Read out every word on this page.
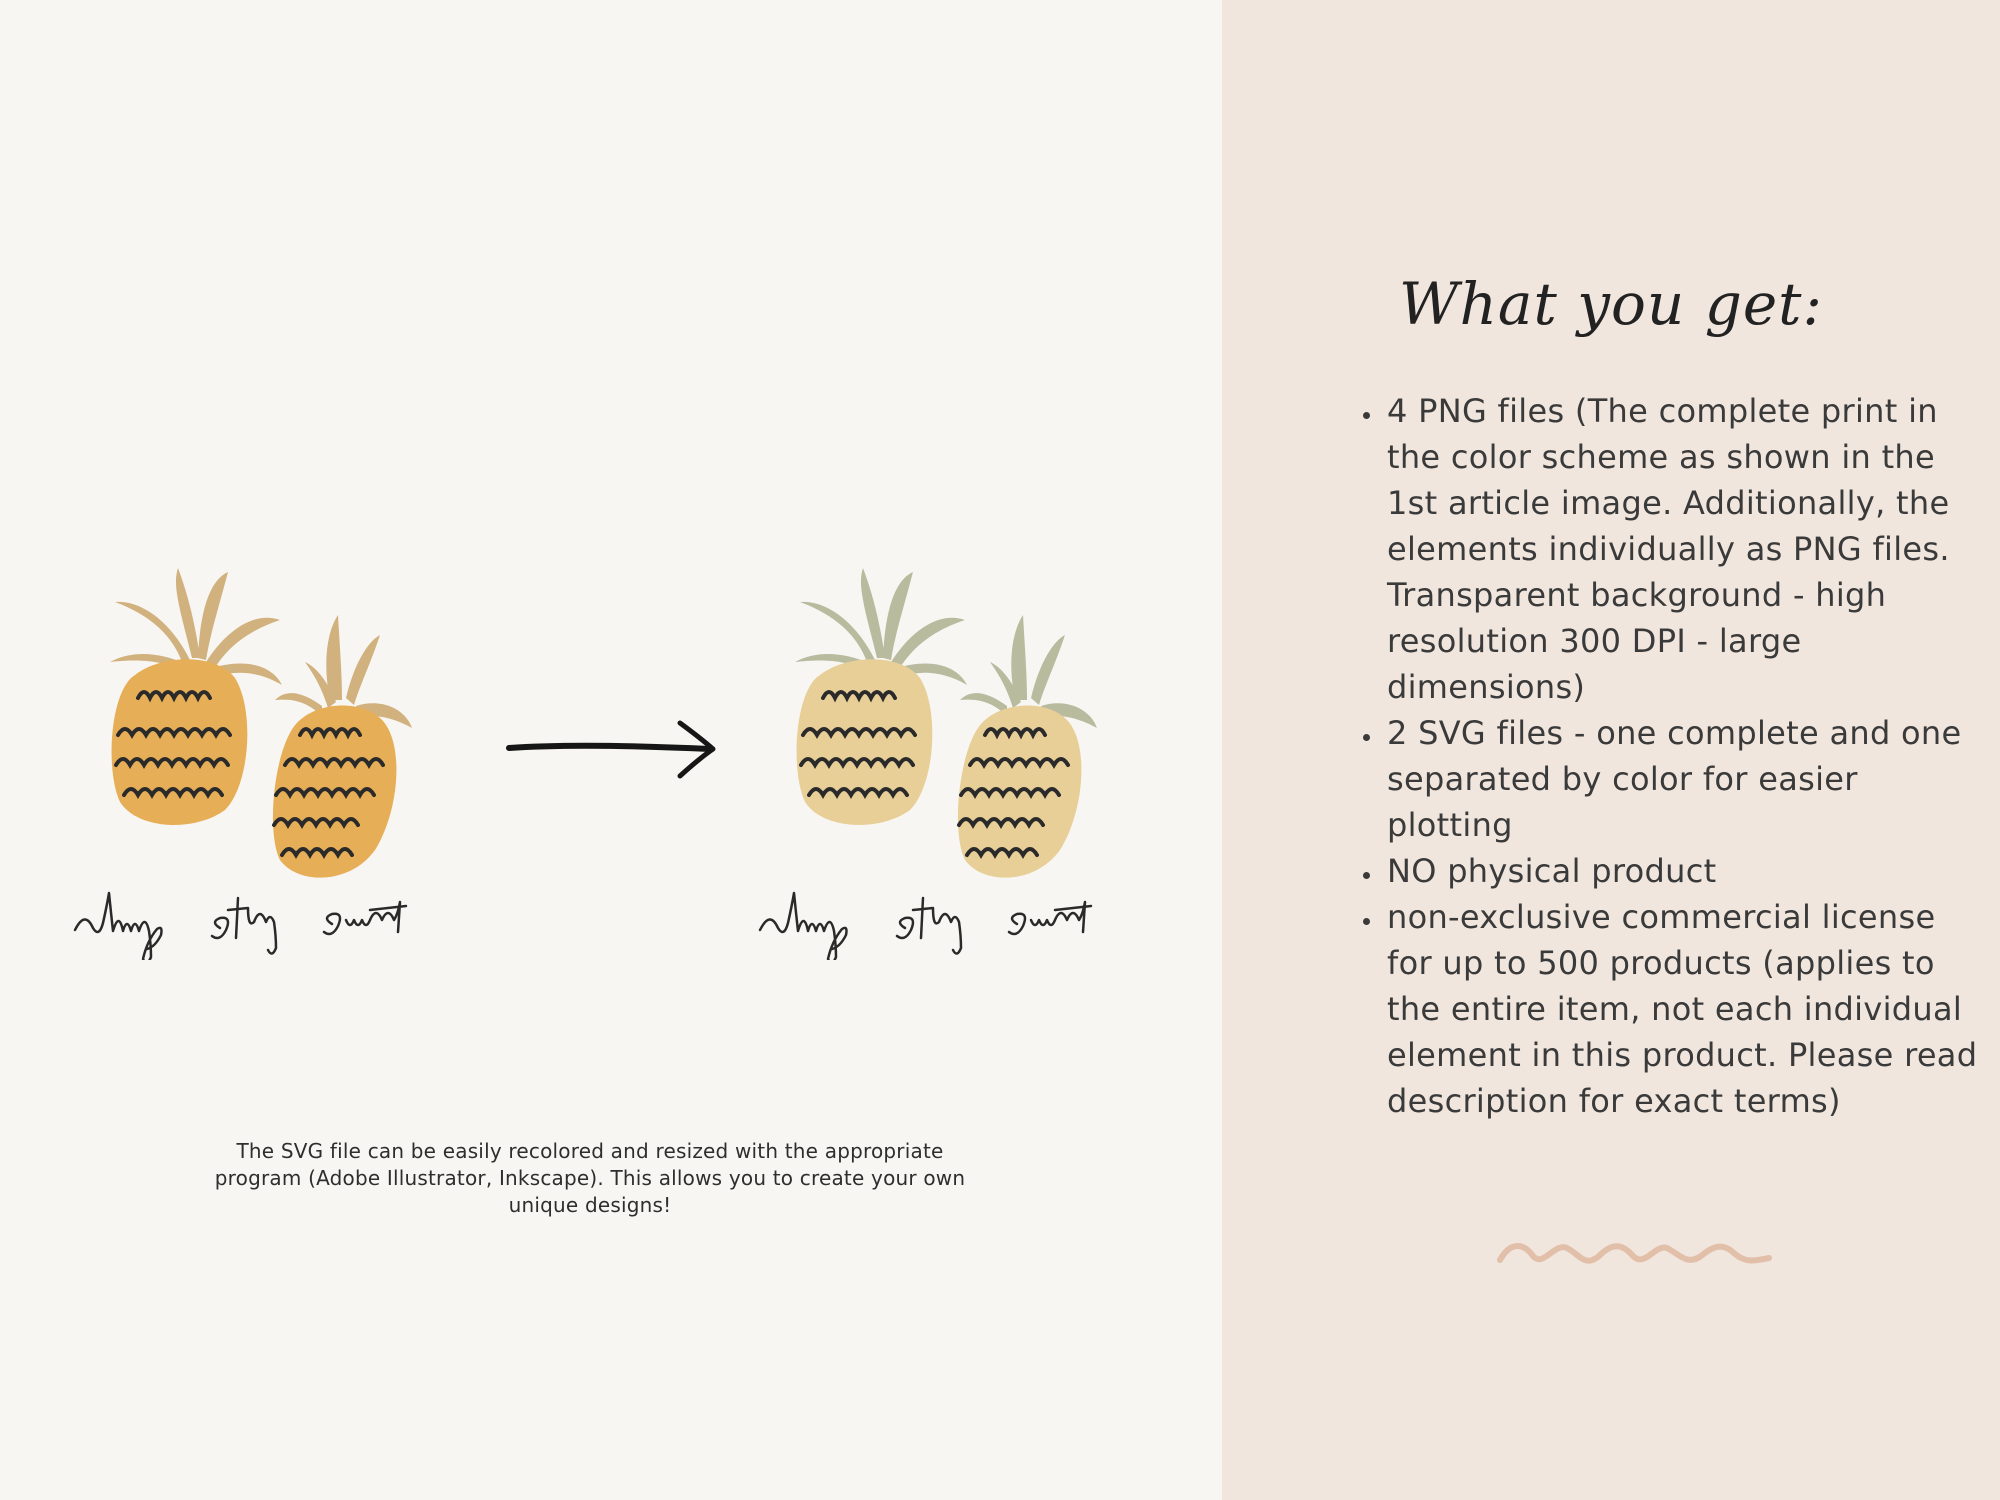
The SVG file can be easily recolored and resized with the appropriate program (Adobe Illustrator, Inkscape). This allows you to create your own unique designs!
What you get:
• 4 PNG files (The complete print in the color scheme as shown in the 1st article image. Additionally, the elements individually as PNG files. Transparent background - high resolution 300 DPI - large dimensions)
• 2 SVG files - one complete and one separated by color for easier plotting
• NO physical product
• non-exclusive commercial license for up to 500 products (applies to the entire item, not each individual element in this product. Please read description for exact terms)
